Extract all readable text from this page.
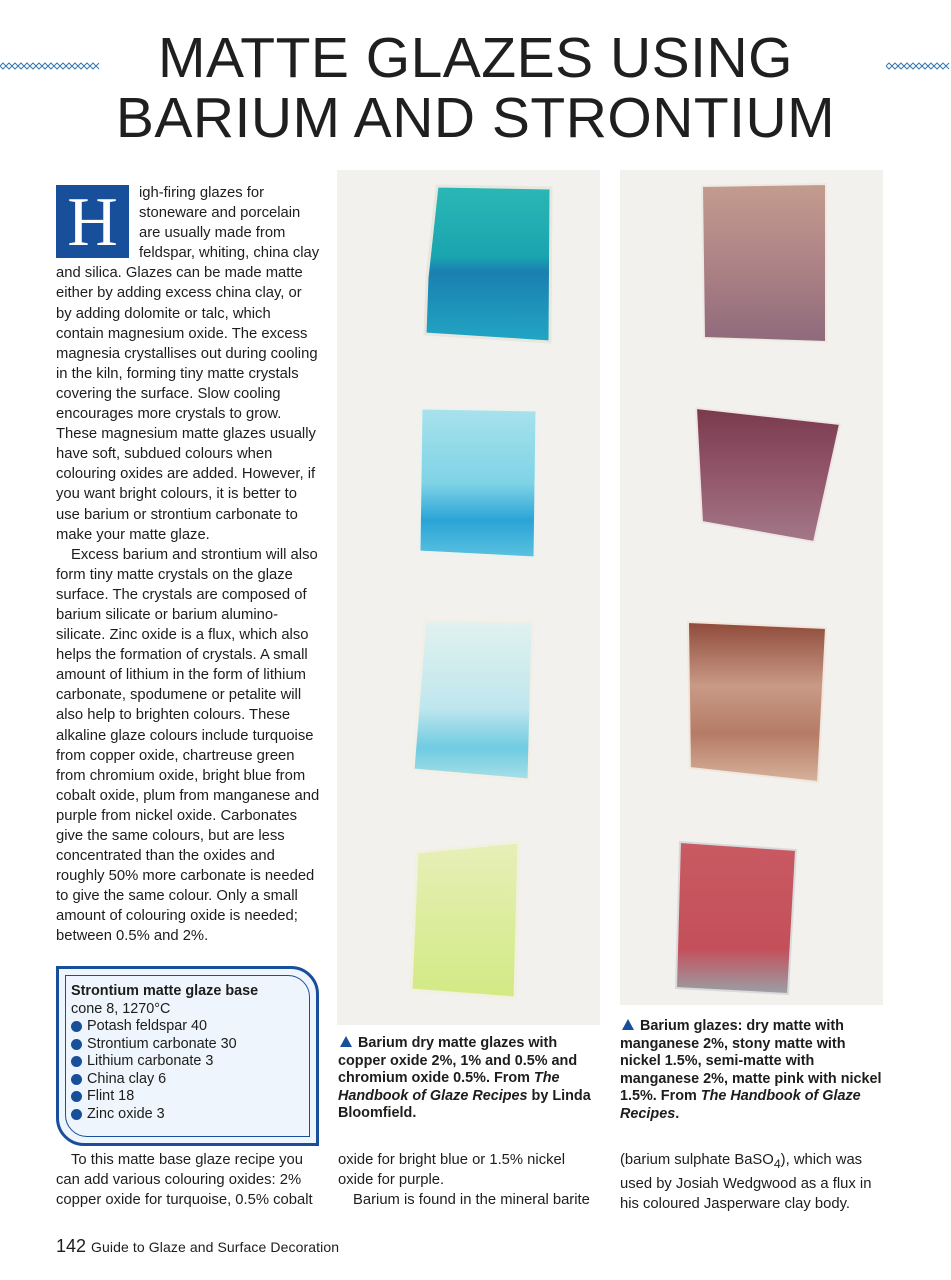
MATTE GLAZES USING
BARIUM AND STRONTIUM
H	igh-firing glazes for stoneware and porcelain are usually made from feldspar, whiting, china clay and silica. Glazes can be made matte either by adding excess china clay, or by adding dolomite or talc, which contain magnesium oxide. The excess magnesia crystallises out during cooling in the kiln, forming tiny matte crystals covering the surface. Slow cooling encourages more crystals to grow. These magnesium matte glazes usually have soft, subdued colours when colouring oxides are added. However, if you want bright colours, it is better to use barium or strontium carbonate to make your matte glaze.

Excess barium and strontium will also form tiny matte crystals on the glaze surface. The crystals are composed of barium silicate or barium alumino-silicate. Zinc oxide is a flux, which also helps the formation of crystals. A small amount of lithium in the form of lithium carbonate, spodumene or petalite will also help to brighten colours. These alkaline glaze colours include turquoise from copper oxide, chartreuse green from chromium oxide, bright blue from cobalt oxide, plum from manganese and purple from nickel oxide. Carbonates give the same colours, but are less concentrated than the oxides and roughly 50% more carbonate is needed to give the same colour. Only a small amount of colouring oxide is needed; between 0.5% and 2%.

Strontium matte glaze base
cone 8, 1270°C
Potash feldspar 40
Strontium carbonate 30
Lithium carbonate 3
China clay 6
Flint 18
Zinc oxide 3
Barium dry matte glazes with copper oxide 2%, 1% and 0.5% and chromium oxide 0.5%. From The Handbook of Glaze Recipes by Linda Bloomfield.
Barium glazes: dry matte with manganese 2%, stony matte with nickel 1.5%, semi-matte with manganese 2%, matte pink with nickel 1.5%. From The Handbook of Glaze Recipes.

To this matte base glaze recipe you can add various colouring oxides: 2% copper oxide for turquoise, 0.5% cobalt

oxide for bright blue or 1.5% nickel oxide for purple.

Barium is found in the mineral barite

(barium sulphate BaSO$_4$), which was used by Josiah Wedgwood as a flux in his coloured Jasperware clay body.

142 Guide to Glaze and Surface Decoration
